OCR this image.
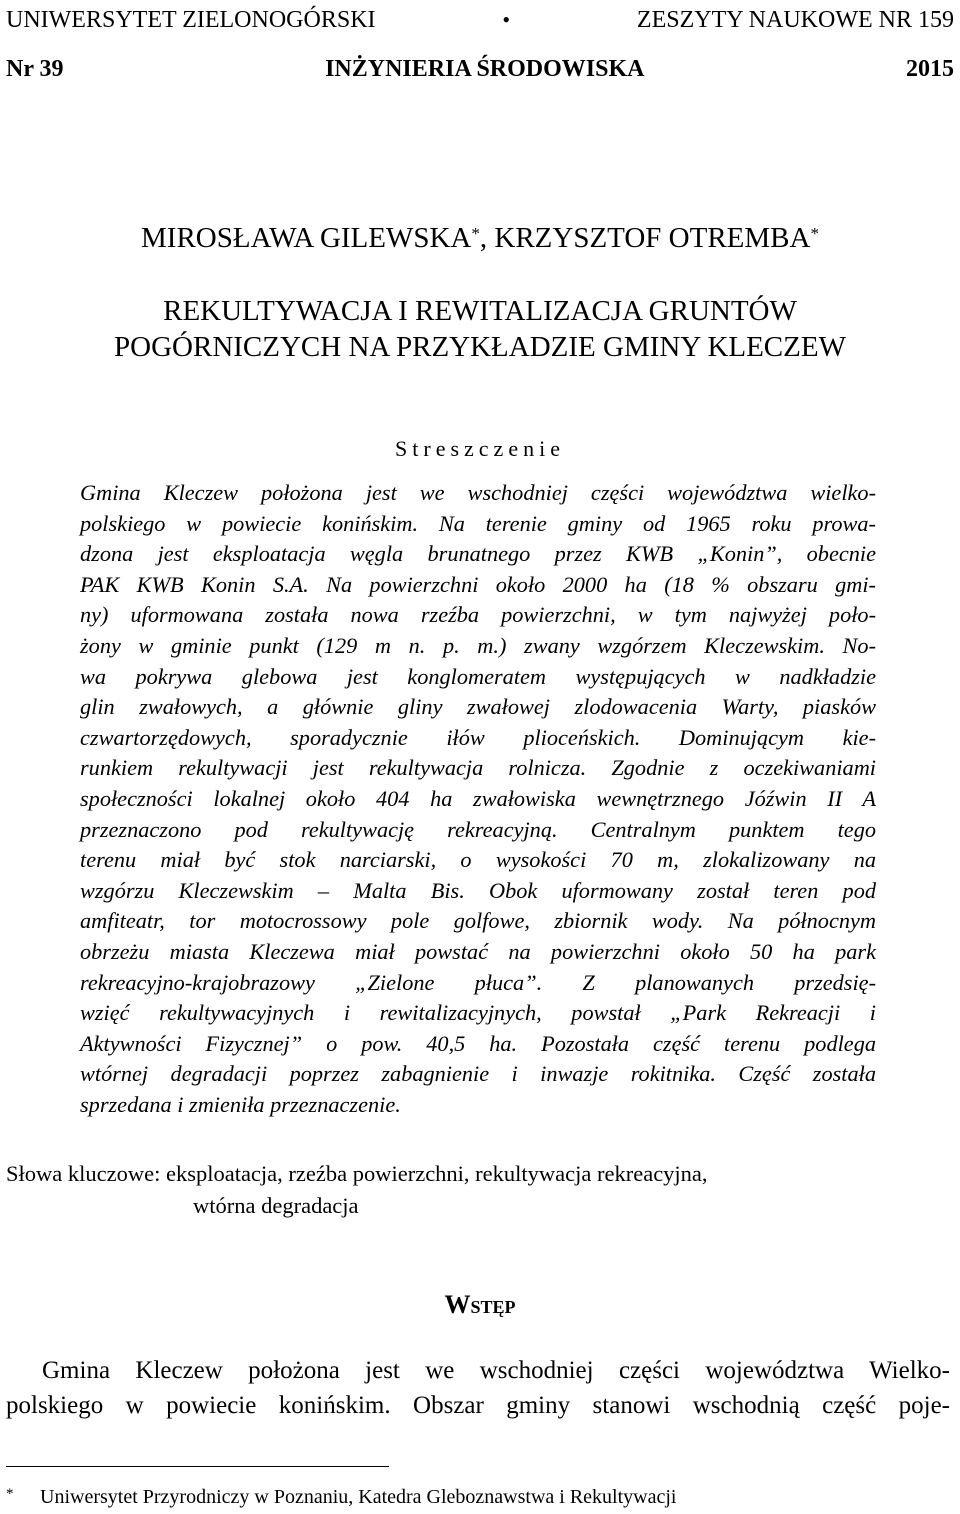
UNIWERSYTET ZIELONOGÓRSKI	•	ZESZYTY NAUKOWE NR 159
Nr 39	INŻYNIERIA ŚRODOWISKA	2015
MIROSŁAWA GILEWSKA*, KRZYSZTOF OTREMBA*
REKULTYWACJA I REWITALIZACJA GRUNTÓW
POGÓRNICZYCH NA PRZYKŁADZIE GMINY KLECZEW
Streszczenie
Gmina Kleczew położona jest we wschodniej części województwa wielko-
polskiego w powiecie konińskim. Na terenie gminy od 1965 roku prowa-
dzona jest eksploatacja węgla brunatnego przez KWB „Konin”, obecnie
PAK KWB Konin S.A. Na powierzchni około 2000 ha (18 % obszaru gmi-
ny) uformowana została nowa rzeźba powierzchni, w tym najwyżej poło-
żony w gminie punkt (129 m n. p. m.) zwany wzgórzem Kleczewskim. No-
wa pokrywa glebowa jest konglomeratem występujących w nadkładzie
glin zwałowych, a głównie gliny zwałowej zlodowacenia Warty, piasków
czwartorzędowych, sporadycznie iłów plioceńskich. Dominującym kie-
runkiem rekultywacji jest rekultywacja rolnicza. Zgodnie z oczekiwaniami
społeczności lokalnej około 404 ha zwałowiska wewnętrznego Jóźwin II A
przeznaczono pod rekultywację rekreacyjną. Centralnym punktem tego
terenu miał być stok narciarski, o wysokości 70 m, zlokalizowany na
wzgórzu Kleczewskim – Malta Bis. Obok uformowany został teren pod
amfiteatr, tor motocrossowy pole golfowe, zbiornik wody. Na północnym
obrzeżu miasta Kleczewa miał powstać na powierzchni około 50 ha park
rekreacyjno-krajobrazowy „Zielone płuca”. Z planowanych przedsię-
wzięć rekultywacyjnych i rewitalizacyjnych, powstał „Park Rekreacji i
Aktywności Fizycznej” o pow. 40,5 ha. Pozostała część terenu podlega
wtórnej degradacji poprzez zabagnienie i inwazje rokitnika. Część została
sprzedana i zmieniła przeznaczenie.
Słowa kluczowe: eksploatacja, rzeźba powierzchni, rekultywacja rekreacyjna,
wtórna degradacja
Wstęp
Gmina Kleczew położona jest we wschodniej części województwa Wielko-
polskiego w powiecie konińskim. Obszar gminy stanowi wschodnią część poje-
* Uniwersytet Przyrodniczy w Poznaniu, Katedra Gleboznawstwa i Rekultywacji
